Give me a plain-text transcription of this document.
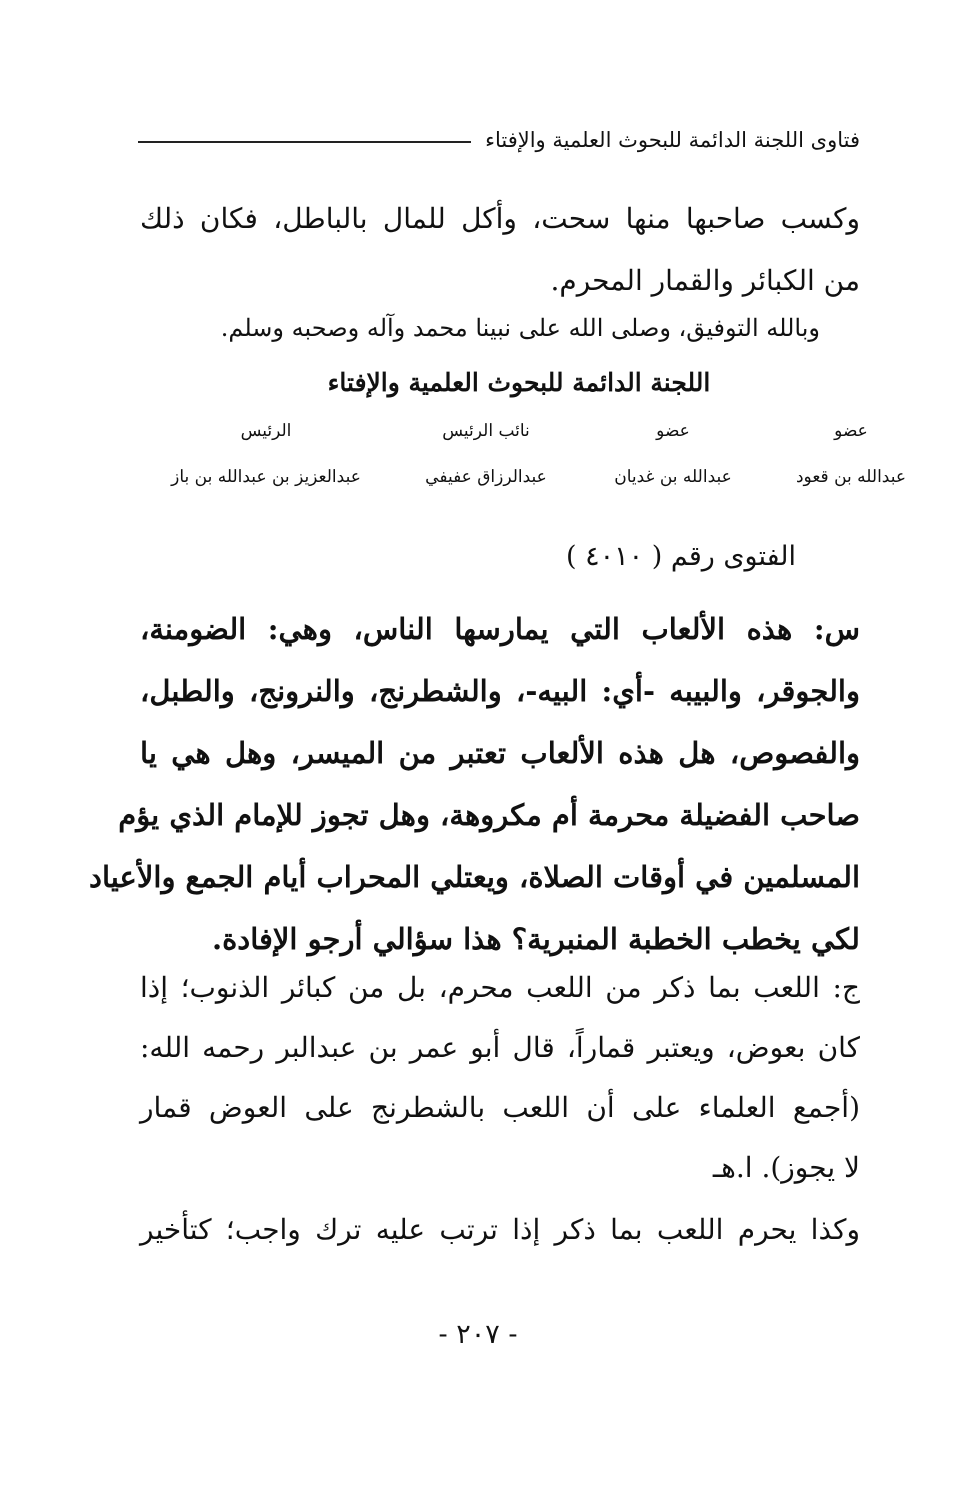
فتاوى اللجنة الدائمة للبحوث العلمية والإفتاء
وكسب صاحبها منها سحت، وأكل للمال بالباطل، فكان ذلك
من الكبائر والقمار المحرم.
وبالله التوفيق، وصلى الله على نبينا محمد وآله وصحبه وسلم.
اللجنة الدائمة للبحوث العلمية والإفتاء
عضو
عبدالله بن قعود
عضو
عبدالله بن غديان
نائب الرئيس
عبدالرزاق عفيفي
الرئيس
عبدالعزيز بن عبدالله بن باز
الفتوى رقم ( ٤٠١٠ )
س: هذه الألعاب التي يمارسها الناس، وهي: الضومنة،
والجوقر، والبيبه -أي: البيه-، والشطرنج، والنرونج، والطبل،
والفصوص، هل هذه الألعاب تعتبر من الميسر، وهل هي يا
صاحب الفضيلة محرمة أم مكروهة، وهل تجوز للإمام الذي يؤم
المسلمين في أوقات الصلاة، ويعتلي المحراب أيام الجمع والأعياد
لكي يخطب الخطبة المنبرية؟ هذا سؤالي أرجو الإفادة.
ج: اللعب بما ذكر من اللعب محرم، بل من كبائر الذنوب؛ إذا
كان بعوض، ويعتبر قماراً، قال أبو عمر بن عبدالبر رحمه الله:
(أجمع العلماء على أن اللعب بالشطرنج على العوض قمار
لا يجوز). ا.هـ
وكذا يحرم اللعب بما ذكر إذا ترتب عليه ترك واجب؛ كتأخير
- ٢٠٧ -
